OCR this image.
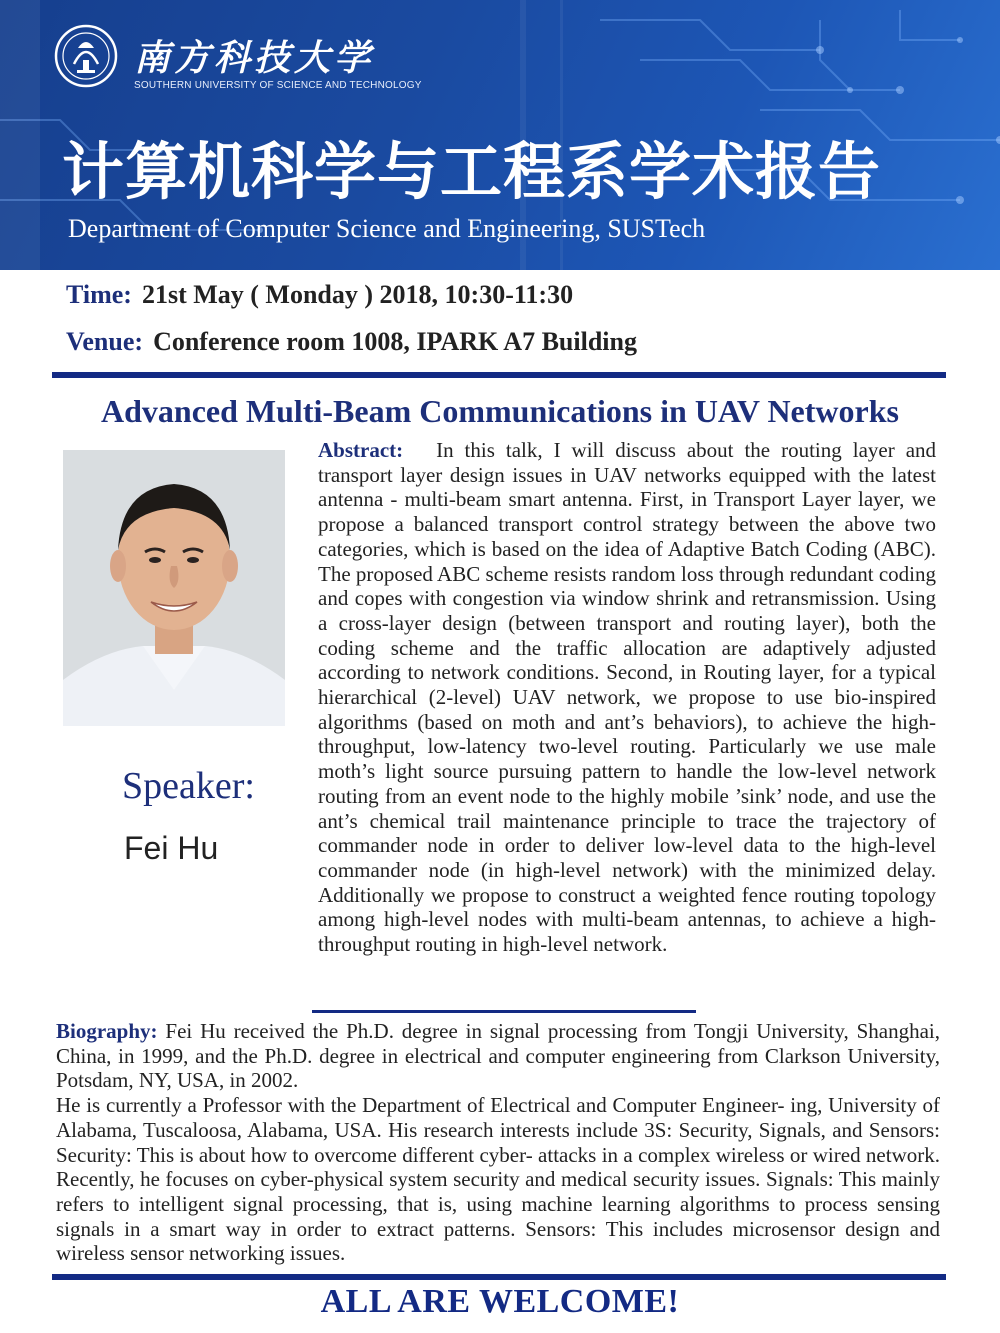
南方科技大学
SOUTHERN UNIVERSITY OF SCIENCE AND TECHNOLOGY
计算机科学与工程系学术报告
Department of Computer Science and Engineering, SUSTech
Time: 21st May ( Monday ) 2018, 10:30-11:30
Venue: Conference room 1008, IPARK A7 Building
Advanced Multi-Beam Communications in UAV Networks
Speaker:
Fei Hu
Abstract: In this talk, I will discuss about the routing layer and transport layer design issues in UAV networks equipped with the latest antenna - multi-beam smart antenna. First, in Transport Layer layer, we propose a balanced transport control strategy between the above two categories, which is based on the idea of Adaptive Batch Coding (ABC). The proposed ABC scheme resists random loss through redundant coding and copes with congestion via window shrink and retransmission. Using a cross-layer design (between transport and routing layer), both the coding scheme and the traffic allocation are adaptively adjusted according to network conditions. Second, in Routing layer, for a typical hierarchical (2-level) UAV network, we propose to use bio-inspired algorithms (based on moth and ant’s behaviors), to achieve the high-throughput, low-latency two-level routing. Particularly we use male moth’s light source pursuing pattern to handle the low-level network routing from an event node to the highly mobile ’sink’ node, and use the ant’s chemical trail maintenance principle to trace the trajectory of commander node in order to deliver low-level data to the high-level commander node (in high-level network) with the minimized delay. Additionally we propose to construct a weighted fence routing topology among high-level nodes with multi-beam antennas, to achieve a high-throughput routing in high-level network.

Biography: Fei Hu received the Ph.D. degree in signal processing from Tongji University, Shanghai, China, in 1999, and the Ph.D. degree in electrical and computer engineering from Clarkson University, Potsdam, NY, USA, in 2002.

He is currently a Professor with the Department of Electrical and Computer Engineer- ing, University of Alabama, Tuscaloosa, Alabama, USA. His research interests include 3S: Security, Signals, and Sensors: Security: This is about how to overcome different cyber- attacks in a complex wireless or wired network. Recently, he focuses on cyber-physical system security and medical security issues. Signals: This mainly refers to intelligent signal processing, that is, using machine learning algorithms to process sensing signals in a smart way in order to extract patterns. Sensors: This includes microsensor design and wireless sensor networking issues.

ALL ARE WELCOME!
